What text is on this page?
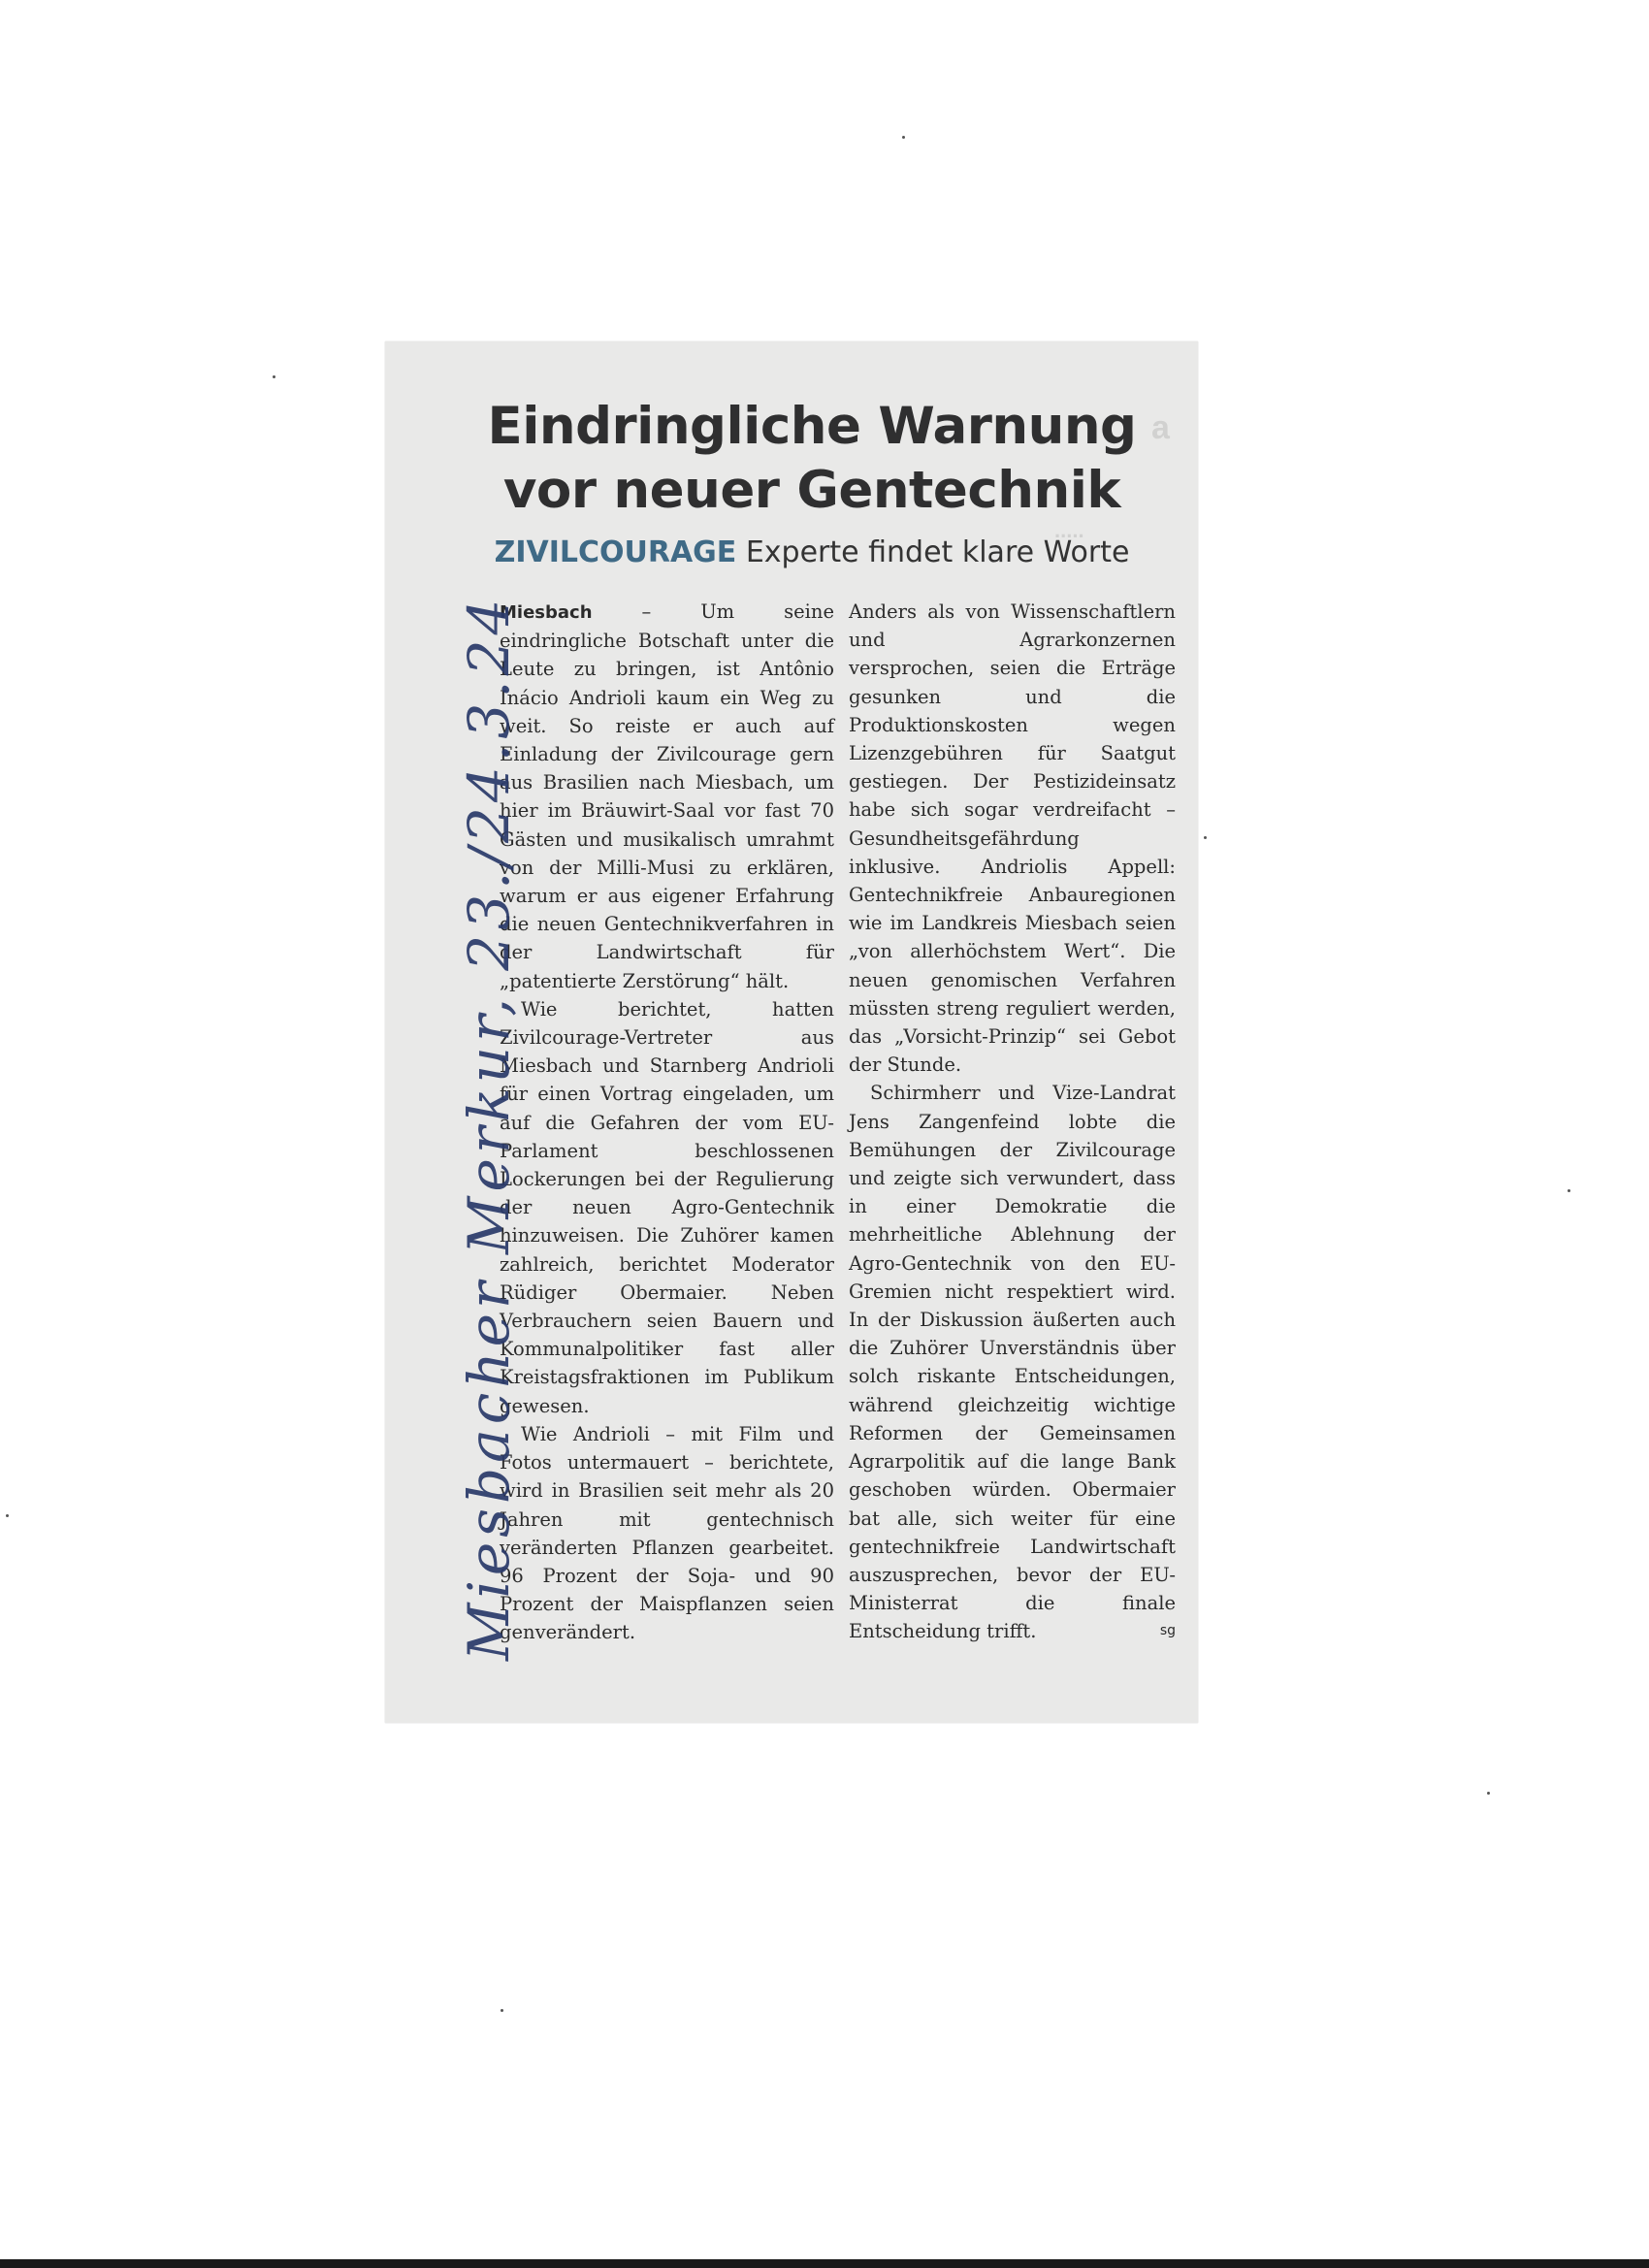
a
.....
Eindringliche Warnung
vor neuer Gentechnik
ZIVILCOURAGE Experte findet klare Worte

Miesbach – Um seine eindringliche Botschaft unter die Leute zu bringen, ist Antônio Inácio Andrioli kaum ein Weg zu weit. So reiste er auch auf Einladung der Zivilcourage gern aus Brasilien nach Miesbach, um hier im Bräuwirt-Saal vor fast 70 Gästen und musikalisch umrahmt von der Milli-Musi zu erklären, warum er aus eigener Erfahrung die neuen Gentechnikverfahren in der Landwirtschaft für „patentierte Zerstörung“ hält.

Wie berichtet, hatten Zivilcourage-Vertreter aus Miesbach und Starnberg Andrioli für einen Vortrag eingeladen, um auf die Gefahren der vom EU-Parlament beschlossenen Lockerungen bei der Regulierung der neuen Agro-Gentechnik hinzuweisen. Die Zuhörer kamen zahlreich, berichtet Moderator Rüdiger Obermaier. Neben Verbrauchern seien Bauern und Kommunalpolitiker fast aller Kreistagsfraktionen im Publikum gewesen.

Wie Andrioli – mit Film und Fotos untermauert – berichtete, wird in Brasilien seit mehr als 20 Jahren mit gentechnisch veränderten Pflanzen gearbeitet. 96 Prozent der Soja- und 90 Prozent der Maispflanzen seien genverändert.

Anders als von Wissenschaftlern und Agrarkonzernen versprochen, seien die Erträge gesunken und die Produktionskosten wegen Lizenzgebühren für Saatgut gestiegen. Der Pestizideinsatz habe sich sogar verdreifacht – Gesundheitsgefährdung inklusive. Andriolis Appell: Gentechnikfreie Anbauregionen wie im Landkreis Miesbach seien „von allerhöchstem Wert“. Die neuen genomischen Verfahren müssten streng reguliert werden, das „Vorsicht-Prinzip“ sei Gebot der Stunde.

Schirmherr und Vize-Landrat Jens Zangenfeind lobte die Bemühungen der Zivilcourage und zeigte sich verwundert, dass in einer Demokratie die mehrheitliche Ablehnung der Agro-Gentechnik von den EU-Gremien nicht respektiert wird. In der Diskussion äußerten auch die Zuhörer Unverständnis über solch riskante Entscheidungen, während gleichzeitig wichtige Reformen der Gemeinsamen Agrarpolitik auf die lange Bank geschoben würden. Obermaier bat alle, sich weiter für eine gentechnikfreie Landwirtschaft auszusprechen, bevor der EU-Ministerrat die finale Entscheidung trifft.	sg

Miesbacher Merkur, 23./24.3.24
